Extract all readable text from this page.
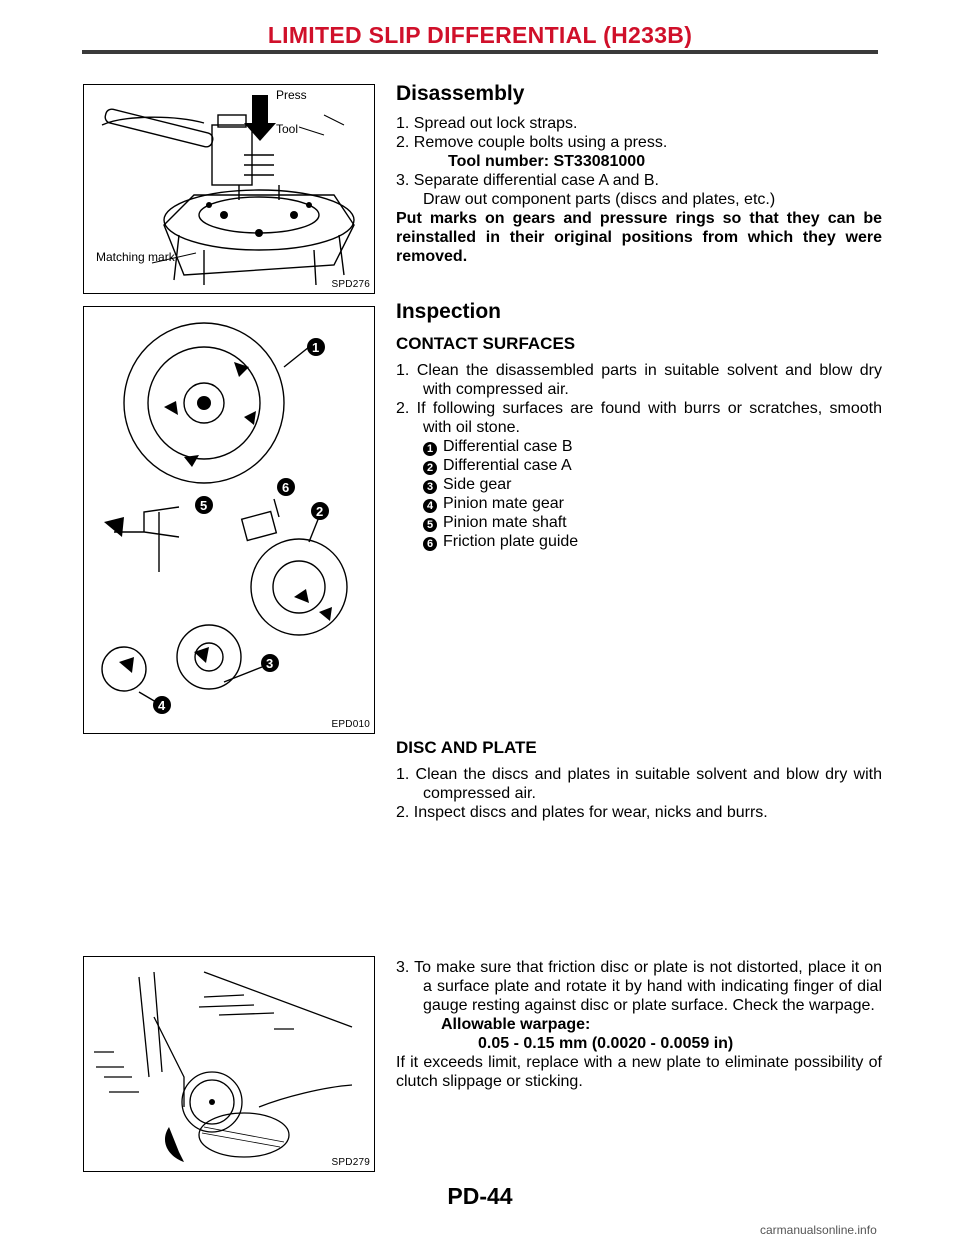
LIMITED SLIP DIFFERENTIAL (H233B)
Press
Tool
Matching mark
SPD276
1
2
3
4
5
6
EPD010
SPD279
Disassembly

1. Spread out lock straps.

2. Remove couple bolts using a press.

Tool number: ST33081000

3. Separate differential case A and B.

Draw out component parts (discs and plates, etc.)

Put marks on gears and pressure rings so that they can be reinstalled in their original positions from which they were removed.

Inspection
CONTACT SURFACES

1. Clean the disassembled parts in suitable solvent and blow dry with compressed air.

2. If following surfaces are found with burrs or scratches, smooth with oil stone.

1 Differential case B
2 Differential case A
3 Side gear
4 Pinion mate gear
5 Pinion mate shaft
6 Friction plate guide
DISC AND PLATE

1. Clean the discs and plates in suitable solvent and blow dry with compressed air.

2. Inspect discs and plates for wear, nicks and burrs.

3. To make sure that friction disc or plate is not distorted, place it on a surface plate and rotate it by hand with indicating finger of dial gauge resting against disc or plate surface. Check the warpage.

Allowable warpage:

0.05 - 0.15 mm (0.0020 - 0.0059 in)

If it exceeds limit, replace with a new plate to eliminate possibility of clutch slippage or sticking.

PD-44
carmanualsonline.info
